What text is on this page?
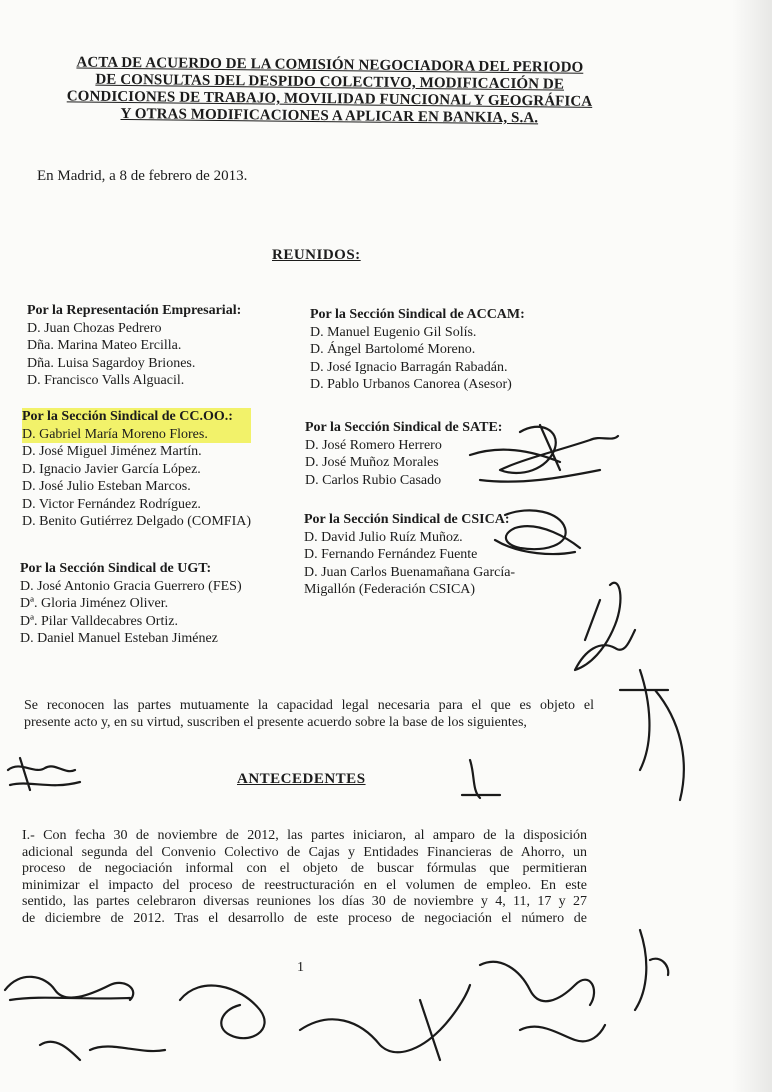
ACTA DE ACUERDO DE LA COMISIÓN NEGOCIADORA DEL PERIODO
DE CONSULTAS DEL DESPIDO COLECTIVO, MODIFICACIÓN DE
CONDICIONES DE TRABAJO, MOVILIDAD FUNCIONAL Y GEOGRÁFICA
Y OTRAS MODIFICACIONES A APLICAR EN BANKIA, S.A.
En Madrid, a 8 de febrero de 2013.
REUNIDOS:
Por la Representación Empresarial:
D. Juan Chozas Pedrero
Dña. Marina Mateo Ercilla.
Dña. Luisa Sagardoy Briones.
D. Francisco Valls Alguacil.
Por la Sección Sindical de CC.OO.:
D. Gabriel María Moreno Flores.
D. José Miguel Jiménez Martín.
D. Ignacio Javier García López.
D. José Julio Esteban Marcos.
D. Victor Fernández Rodríguez.
D. Benito Gutiérrez Delgado (COMFIA)
Por la Sección Sindical de UGT:
D. José Antonio Gracia Guerrero (FES)
Dª. Gloria Jiménez Oliver.
Dª. Pilar Valldecabres Ortiz.
D. Daniel Manuel Esteban Jiménez
Por la Sección Sindical de ACCAM:
D. Manuel Eugenio Gil Solís.
D. Ángel Bartolomé Moreno.
D. José Ignacio Barragán Rabadán.
D. Pablo Urbanos Canorea (Asesor)
Por la Sección Sindical de SATE:
D. José Romero Herrero
D. José Muñoz Morales
D. Carlos Rubio Casado
Por la Sección Sindical de CSICA:
D. David Julio Ruíz Muñoz.
D. Fernando Fernández Fuente
D. Juan Carlos Buenamañana García-
Migallón (Federación CSICA)
Se reconocen las partes mutuamente la capacidad legal necesaria para el que es objeto el
presente acto y, en su virtud, suscriben el presente acuerdo sobre la base de los siguientes,
ANTECEDENTES
I.- Con fecha 30 de noviembre de 2012, las partes iniciaron, al amparo de la disposición
adicional segunda del Convenio Colectivo de Cajas y Entidades Financieras de Ahorro, un
proceso de negociación informal con el objeto de buscar fórmulas que permitieran
minimizar el impacto del proceso de reestructuración en el volumen de empleo. En este
sentido, las partes celebraron diversas reuniones los días 30 de noviembre y 4, 11, 17 y 27
de diciembre de 2012. Tras el desarrollo de este proceso de negociación el número de
1
